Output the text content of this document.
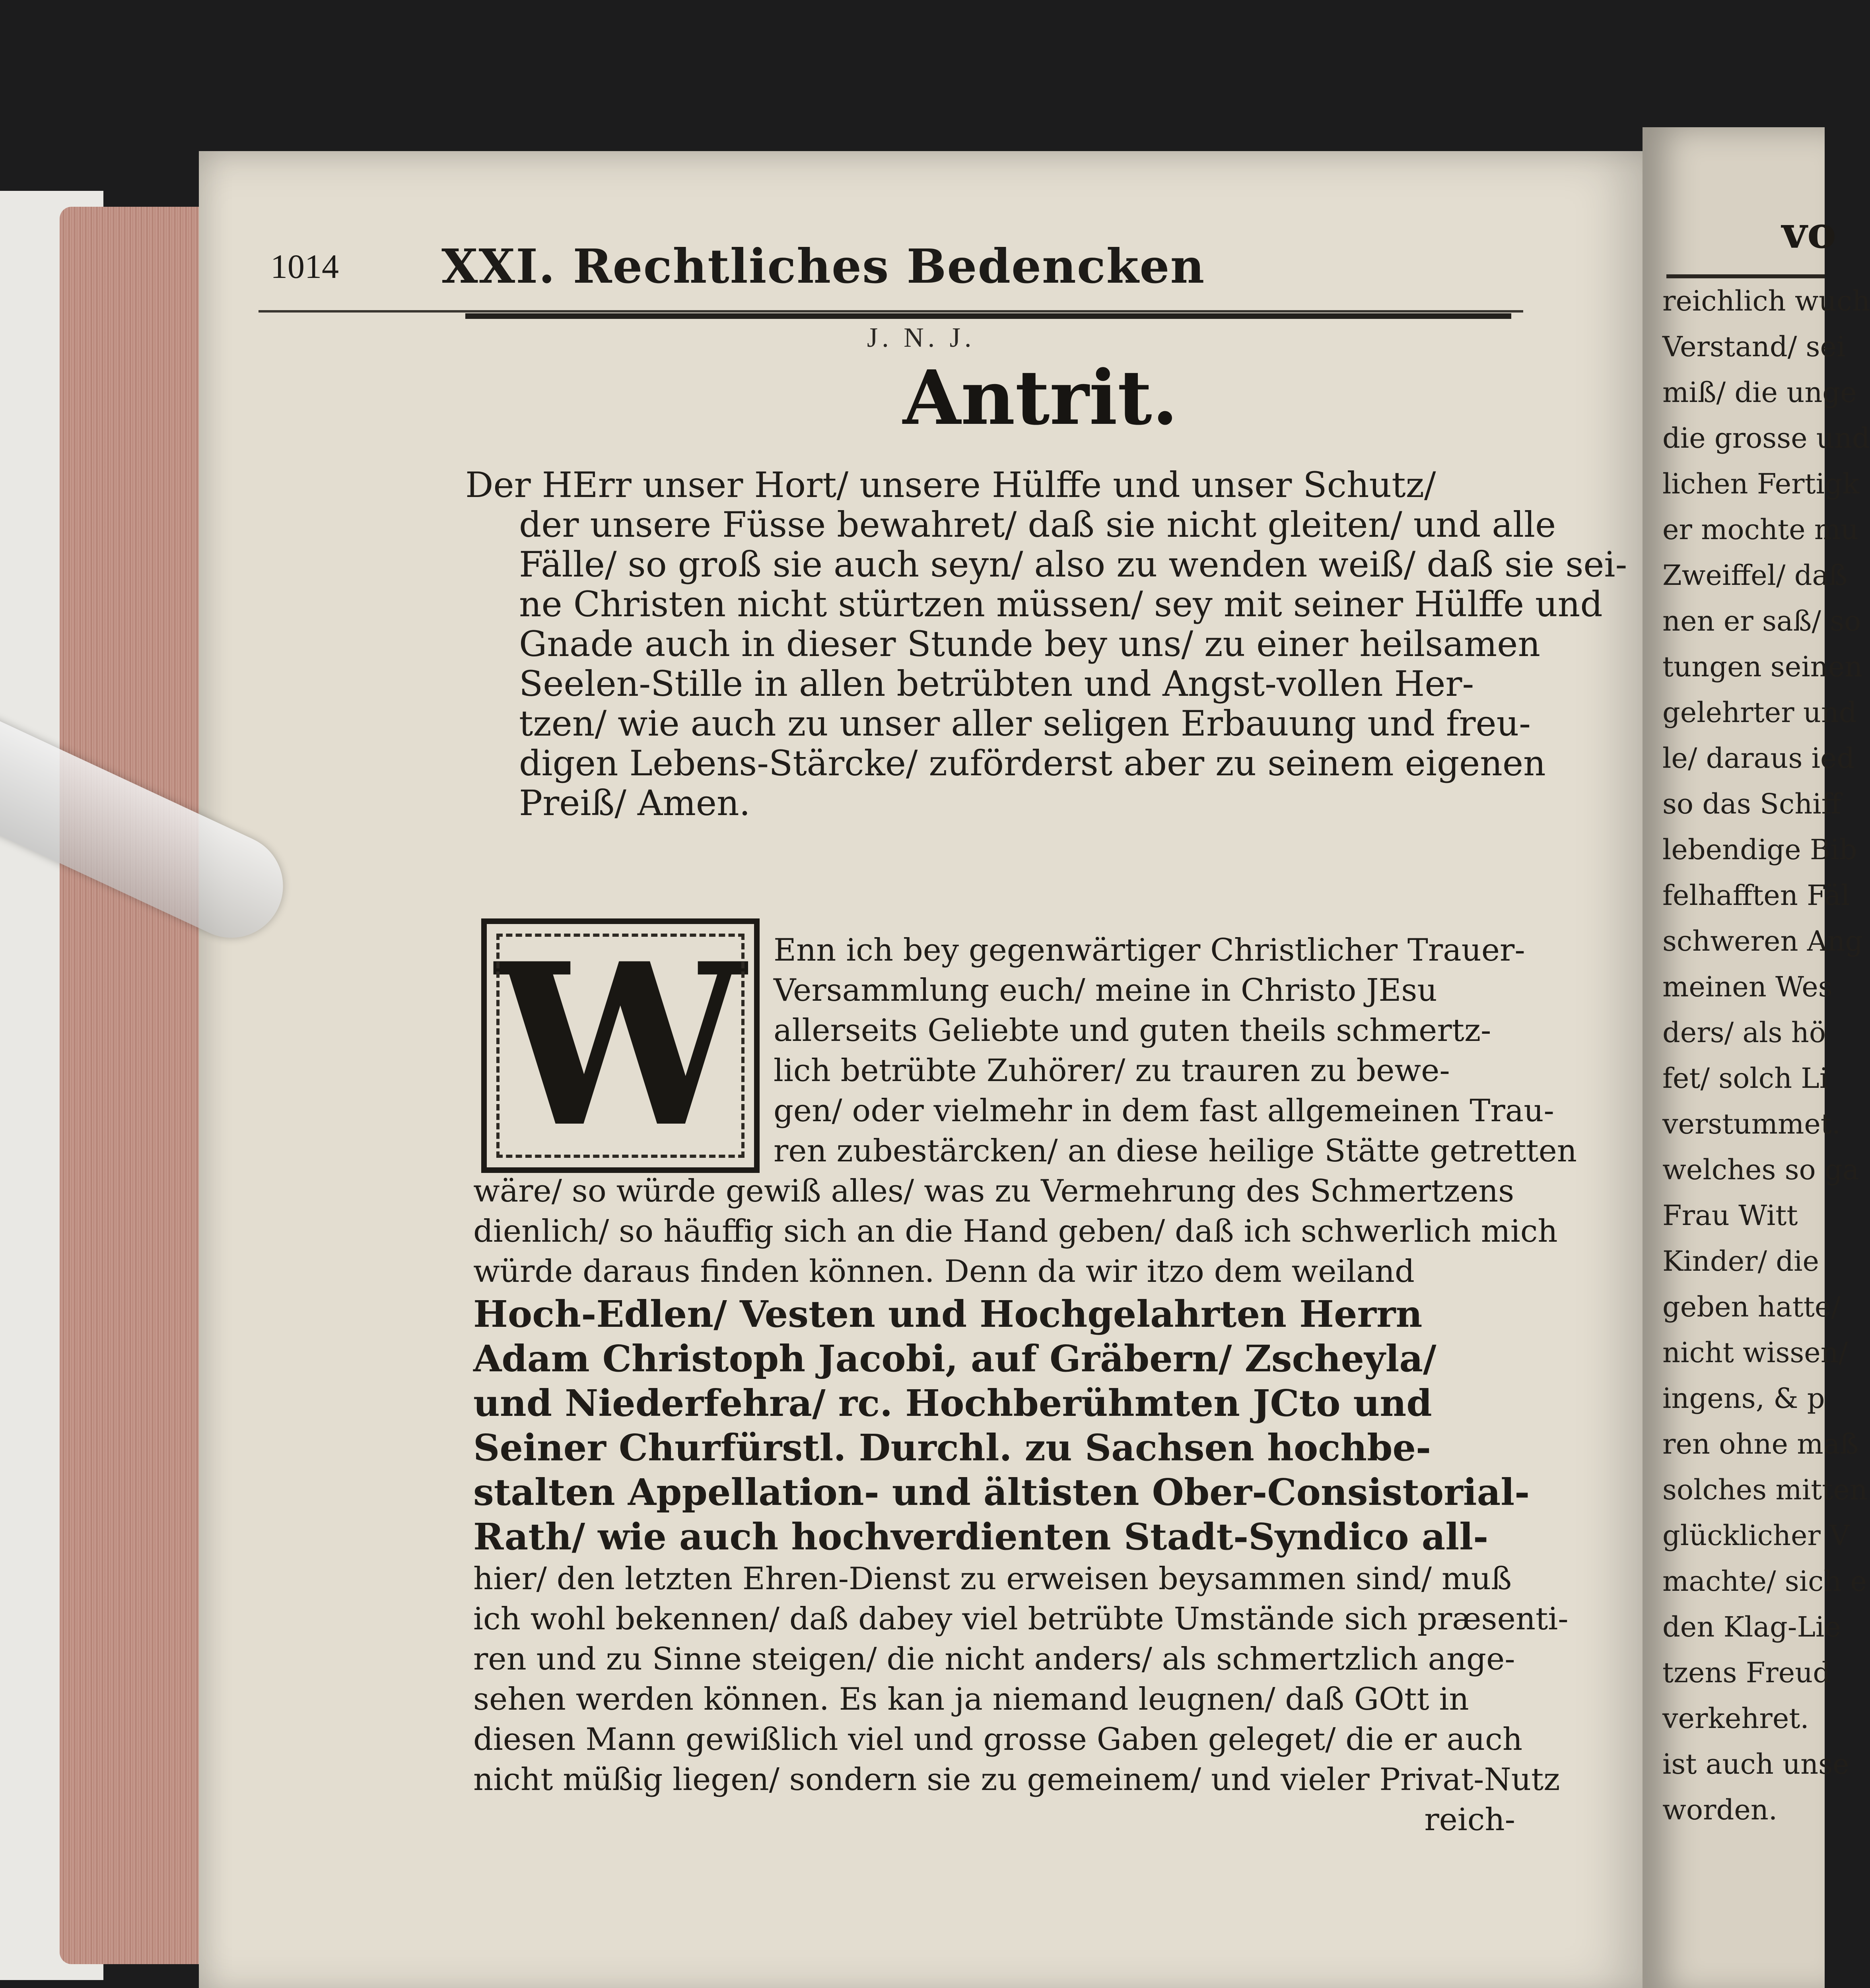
1014 XXI. Rechtliches Bedencken
J. N. J.
Antrit.
Der HErr unser Hort/ unsere Hülffe und unser Schutz/
der unsere Füsse bewahret/ daß sie nicht gleiten/ und alle
Fälle/ so groß sie auch seyn/ also zu wenden weiß/ daß sie sei-
ne Christen nicht stürtzen müssen/ sey mit seiner Hülffe und
Gnade auch in dieser Stunde bey uns/ zu einer heilsamen
Seelen-Stille in allen betrübten und Angst-vollen Her-
tzen/ wie auch zu unser aller seligen Erbauung und freu-
digen Lebens-Stärcke/ zuförderst aber zu seinem eigenen
Preiß/ Amen.
Enn ich bey gegenwärtiger Christlicher Trauer-
Versammlung euch/ meine in Christo JEsu
allerseits Geliebte und guten theils schmertz-
lich betrübte Zuhörer/ zu trauren zu bewe-
gen/ oder vielmehr in dem fast allgemeinen Trau-
ren zubestärcken/ an diese heilige Stätte getretten
wäre/ so würde gewiß alles/ was zu Vermehrung des Schmertzens
dienlich/ so häuffig sich an die Hand geben/ daß ich schwerlich mich
würde daraus finden können. Denn da wir itzo dem weiland
Hoch-Edlen/ Vesten und Hochgelahrten Herrn
Adam Christoph Jacobi, auf Gräbern/ Zscheyla/
und Niederfehra/ rc. Hochberühmten JCto und
Seiner Churfürstl. Durchl. zu Sachsen hochbe-
stalten Appellation- und ältisten Ober-Consistorial-
Rath/ wie auch hochverdienten Stadt-Syndico all-
hier/ den letzten Ehren-Dienst zu erweisen beysammen sind/ muß
ich wohl bekennen/ daß dabey viel betrübte Umstände sich præsenti-
ren und zu Sinne steigen/ die nicht anders/ als schmertzlich ange-
sehen werden können. Es kan ja niemand leugnen/ daß GOtt in
diesen Mann gewißlich viel und grosse Gaben geleget/ die er auch
nicht müßig liegen/ sondern sie zu gemeinem/ und vieler Privat-Nutz
reich-
W
vo
reichlich wuch
Verstand/ sei
miß/ die unge
die grosse und
lichen Fertigk
er mochte mu
Zweiffel/ daß
nen er saß/ so
tungen seinen
gelehrter und
le/ daraus ied
so das Schiff
lebendige Bib
felhafften Fäl
schweren Ang
meinen Wes
ders/ als hö
fet/ solch Li
verstummet.
welches so ga
Frau Witt
Kinder/ die
geben hatte/
nicht wissen/
ingens, & p
ren ohne maß
solches mitten
glücklicher V
machte/ sich e
den Klag-Lie
tzens Freud
verkehret.
ist auch unse
worden.
